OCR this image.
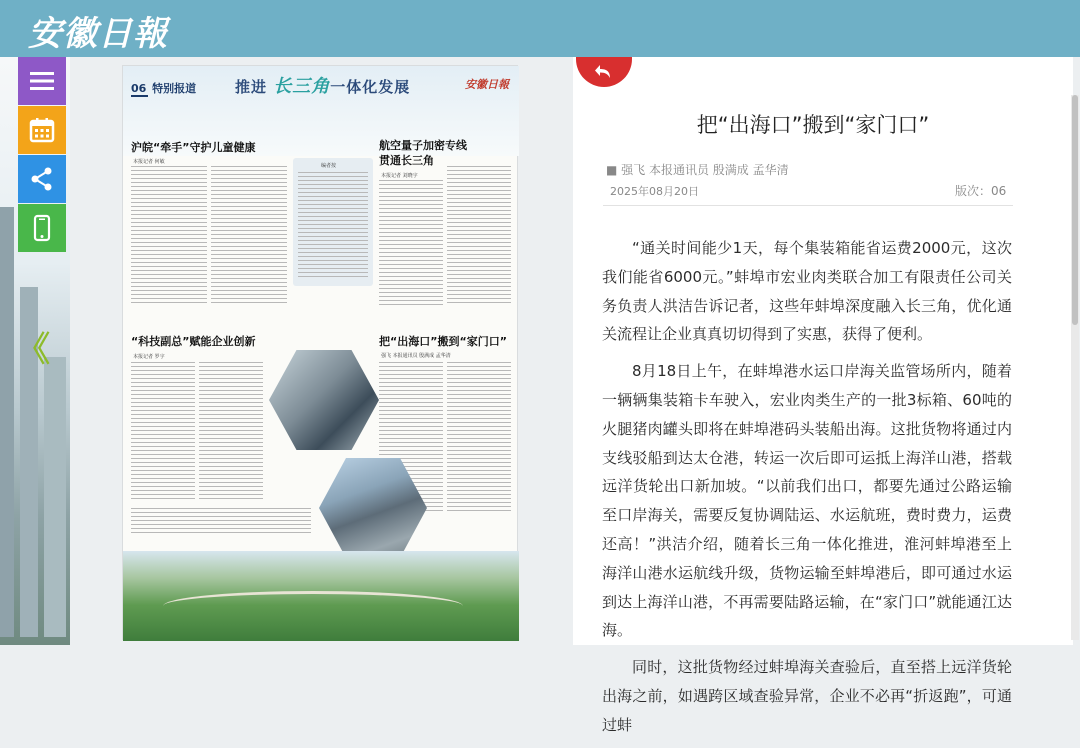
安徽日報
《
06 特别报道	推进 长三角一体化发展	安徽日報
沪皖“牵手”守护儿童健康
本报记者 何敏
编者按
航空量子加密专线
贯通长三角
本报记者 刘晓宇
“科技副总”赋能企业创新
本报记者 罗宇
把“出海口”搬到“家门口”
强飞 本报通讯员 殷满成 孟华清
把“出海口”搬到“家门口”
■ 强飞 本报通讯员 殷满成 孟华清
2025年08月20日	版次：06

“通关时间能少1天，每个集装箱能省运费2000元，这次我们能省6000元。”蚌埠市宏业肉类联合加工有限责任公司关务负责人洪洁告诉记者，这些年蚌埠深度融入长三角，优化通关流程让企业真真切切得到了实惠，获得了便利。

8月18日上午，在蚌埠港水运口岸海关监管场所内，随着一辆辆集装箱卡车驶入，宏业肉类生产的一批3标箱、60吨的火腿猪肉罐头即将在蚌埠港码头装船出海。这批货物将通过内支线驳船到达太仓港，转运一次后即可运抵上海洋山港，搭载远洋货轮出口新加坡。“以前我们出口，都要先通过公路运输至口岸海关，需要反复协调陆运、水运航班，费时费力，运费还高！”洪洁介绍，随着长三角一体化推进，淮河蚌埠港至上海洋山港水运航线升级，货物运输至蚌埠港后，即可通过水运到达上海洋山港，不再需要陆路运输，在“家门口”就能通江达海。

同时，这批货物经过蚌埠海关查验后，直至搭上远洋货轮出海之前，如遇跨区域查验异常，企业不必再“折返跑”，可通过蚌
